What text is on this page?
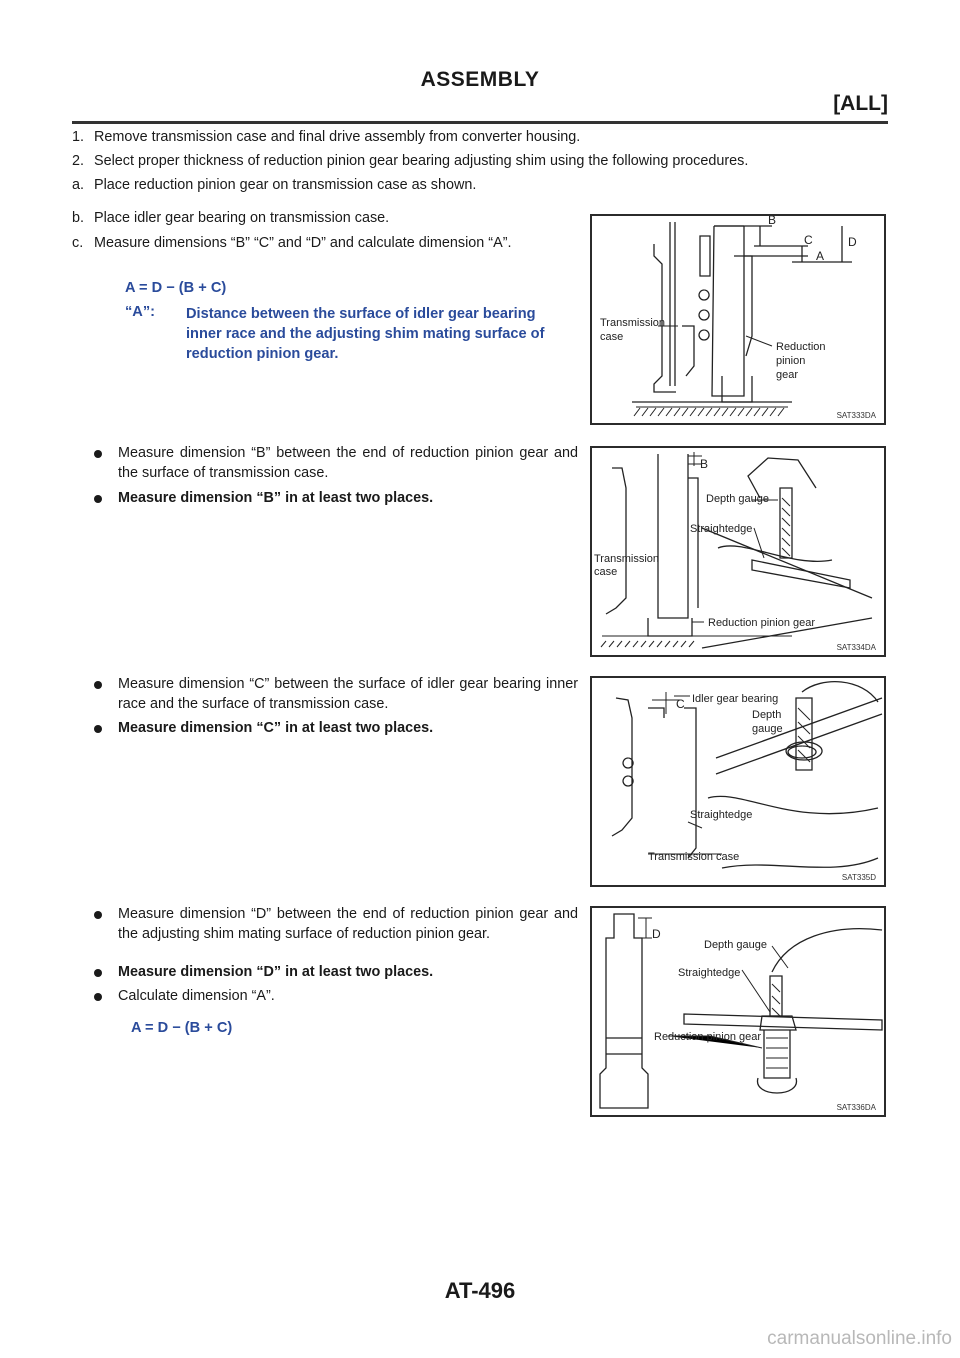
ASSEMBLY
[ALL]
1. Remove transmission case and final drive assembly from converter housing.
2. Select proper thickness of reduction pinion gear bearing adjusting shim using the following procedures.
a. Place reduction pinion gear on transmission case as shown.
b. Place idler gear bearing on transmission case.
c. Measure dimensions “B” “C” and “D” and calculate dimension “A”.
A = D − (B + C)
“A”: Distance between the surface of idler gear bearing inner race and the adjusting shim mating surface of reduction pinion gear.
Measure dimension “B” between the end of reduction pinion gear and the surface of transmission case.
Measure dimension “B” in at least two places.
Measure dimension “C” between the surface of idler gear bearing inner race and the surface of transmission case.
Measure dimension “C” in at least two places.
Measure dimension “D” between the end of reduction pinion gear and the adjusting shim mating surface of reduction pinion gear.
Measure dimension “D” in at least two places.
Calculate dimension “A”.
A = D − (B + C)
B
C	D
A
Transmission
case
Reduction
pinion
gear
SAT333DA
B
Depth gauge
Straightedge
Transmission
case
Reduction pinion gear
SAT334DA
C Idler gear bearing
Depth
gauge
Straightedge
Transmission case
SAT335D
D
Depth gauge
Straightedge
Reduction pinion gear
SAT336DA
AT-496
carmanualsonline.info
